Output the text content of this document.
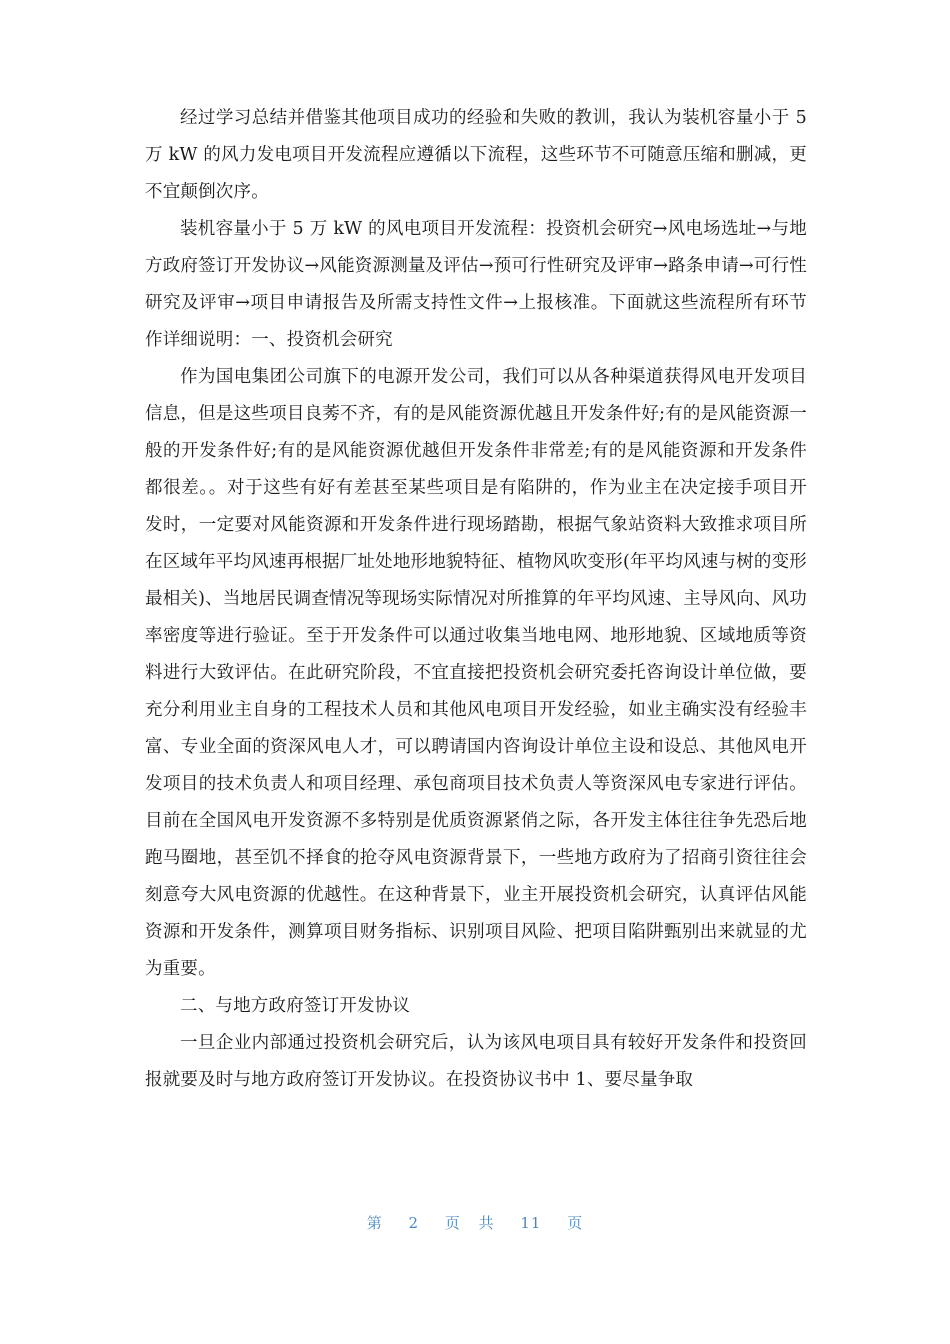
经过学习总结并借鉴其他项目成功的经验和失败的教训，我认为装机容量小于 5 万 kW 的风力发电项目开发流程应遵循以下流程，这些环节不可随意压缩和删减，更不宜颠倒次序。

装机容量小于 5 万 kW 的风电项目开发流程：投资机会研究→风电场选址→与地方政府签订开发协议→风能资源测量及评估→预可行性研究及评审→路条申请→可行性研究及评审→项目申请报告及所需支持性文件→上报核准。下面就这些流程所有环节作详细说明：一、投资机会研究

作为国电集团公司旗下的电源开发公司，我们可以从各种渠道获得风电开发项目信息，但是这些项目良莠不齐，有的是风能资源优越且开发条件好;有的是风能资源一般的开发条件好;有的是风能资源优越但开发条件非常差;有的是风能资源和开发条件都很差。。对于这些有好有差甚至某些项目是有陷阱的，作为业主在决定接手项目开发时，一定要对风能资源和开发条件进行现场踏勘，根据气象站资料大致推求项目所在区域年平均风速再根据厂址处地形地貌特征、植物风吹变形(年平均风速与树的变形最相关)、当地居民调查情况等现场实际情况对所推算的年平均风速、主导风向、风功率密度等进行验证。至于开发条件可以通过收集当地电网、地形地貌、区域地质等资料进行大致评估。在此研究阶段，不宜直接把投资机会研究委托咨询设计单位做，要充分利用业主自身的工程技术人员和其他风电项目开发经验，如业主确实没有经验丰富、专业全面的资深风电人才，可以聘请国内咨询设计单位主设和设总、其他风电开发项目的技术负责人和项目经理、承包商项目技术负责人等资深风电专家进行评估。目前在全国风电开发资源不多特别是优质资源紧俏之际，各开发主体往往争先恐后地跑马圈地，甚至饥不择食的抢夺风电资源背景下，一些地方政府为了招商引资往往会刻意夸大风电资源的优越性。在这种背景下，业主开展投资机会研究，认真评估风能资源和开发条件，测算项目财务指标、识别项目风险、把项目陷阱甄别出来就显的尤为重要。

二、与地方政府签订开发协议

一旦企业内部通过投资机会研究后，认为该风电项目具有较好开发条件和投资回报就要及时与地方政府签订开发协议。在投资协议书中 1、要尽量争取

第 2 页 共 11 页
